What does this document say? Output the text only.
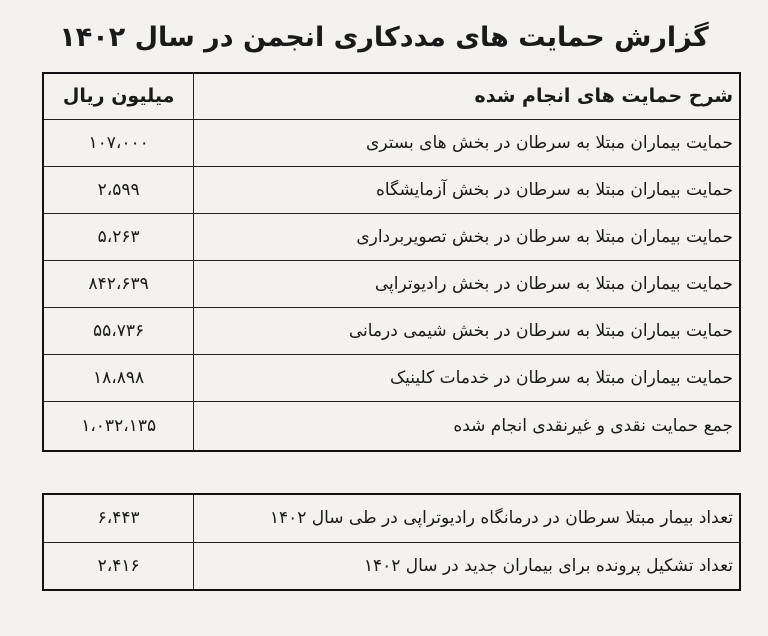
گزارش حمایت های مددکاری انجمن در سال ۱۴۰۲
شرح حمایت های انجام شده	میلیون ریال
حمایت بیماران مبتلا به سرطان در بخش های بستری	۱۰۷،۰۰۰
حمایت بیماران مبتلا به سرطان در بخش آزمایشگاه	۲،۵۹۹
حمایت بیماران مبتلا به سرطان در بخش تصویربرداری	۵،۲۶۳
حمایت بیماران مبتلا به سرطان در بخش رادیوتراپی	۸۴۲،۶۳۹
حمایت بیماران مبتلا به سرطان در بخش شیمی درمانی	۵۵،۷۳۶
حمایت بیماران مبتلا به سرطان در خدمات کلینیک	۱۸،۸۹۸
جمع حمایت نقدی و غیرنقدی انجام شده	۱،۰۳۲،۱۳۵
تعداد بیمار مبتلا سرطان در درمانگاه رادیوتراپی در طی سال ۱۴۰۲	۶،۴۴۳
تعداد تشکیل پرونده برای بیماران جدید در سال ۱۴۰۲	۲،۴۱۶
